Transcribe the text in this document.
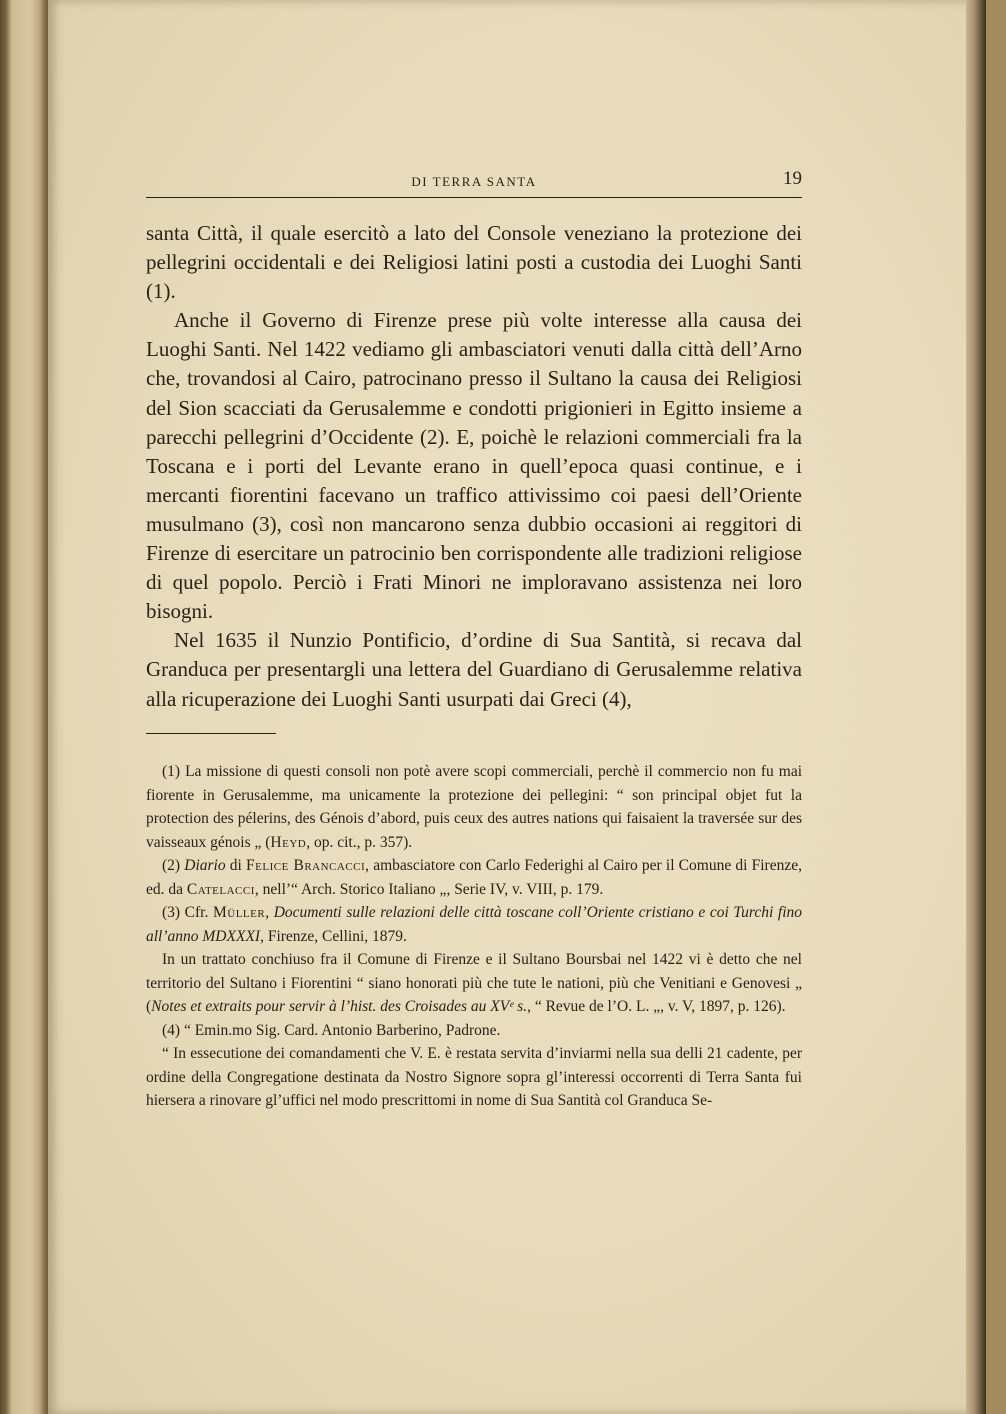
DI TERRA SANTA	19

santa Città, il quale esercitò a lato del Console veneziano la protezione dei pellegrini occidentali e dei Religiosi latini posti a custodia dei Luoghi Santi (1).

Anche il Governo di Firenze prese più volte interesse alla causa dei Luoghi Santi. Nel 1422 vediamo gli ambasciatori venuti dalla città dell’Arno che, trovandosi al Cairo, patrocinano presso il Sultano la causa dei Religiosi del Sion scacciati da Gerusalemme e condotti prigionieri in Egitto insieme a parecchi pellegrini d’Occidente (2). E, poichè le relazioni commerciali fra la Toscana e i porti del Levante erano in quell’epoca quasi continue, e i mercanti fiorentini facevano un traffico attivissimo coi paesi dell’Oriente musulmano (3), così non mancarono senza dubbio occasioni ai reggitori di Firenze di esercitare un patrocinio ben corrispondente alle tradizioni religiose di quel popolo. Perciò i Frati Minori ne imploravano assistenza nei loro bisogni.

Nel 1635 il Nunzio Pontificio, d’ordine di Sua Santità, si recava dal Granduca per presentargli una lettera del Guardiano di Gerusalemme relativa alla ricuperazione dei Luoghi Santi usurpati dai Greci (4),

(1) La missione di questi consoli non potè avere scopi commerciali, perchè il commercio non fu mai fiorente in Gerusalemme, ma unicamente la protezione dei pellegini: “ son principal objet fut la protection des pélerins, des Génois d’abord, puis ceux des autres nations qui faisaient la traversée sur des vaisseaux génois „ (Heyd, op. cit., p. 357).

(2) Diario di Felice Brancacci, ambasciatore con Carlo Federighi al Cairo per il Comune di Firenze, ed. da Catelacci, nell’“ Arch. Storico Italiano „, Serie IV, v. VIII, p. 179.

(3) Cfr. Müller, Documenti sulle relazioni delle città toscane coll’Oriente cristiano e coi Turchi fino all’anno MDXXXI, Firenze, Cellini, 1879.

In un trattato conchiuso fra il Comune di Firenze e il Sultano Boursbai nel 1422 vi è detto che nel territorio del Sultano i Fiorentini “ siano honorati più che tute le nationi, più che Venitiani e Genovesi „ (Notes et extraits pour servir à l’hist. des Croisades au XVᵉ s., “ Revue de l’O. L. „, v. V, 1897, p. 126).

(4) “ Emin.mo Sig. Card. Antonio Barberino, Padrone.

“ In essecutione dei comandamenti che V. E. è restata servita d’inviarmi nella sua delli 21 cadente, per ordine della Congregatione destinata da Nostro Signore sopra gl’interessi occorrenti di Terra Santa fui hiersera a rinovare gl’uffici nel modo prescrittomi in nome di Sua Santità col Granduca Se-
